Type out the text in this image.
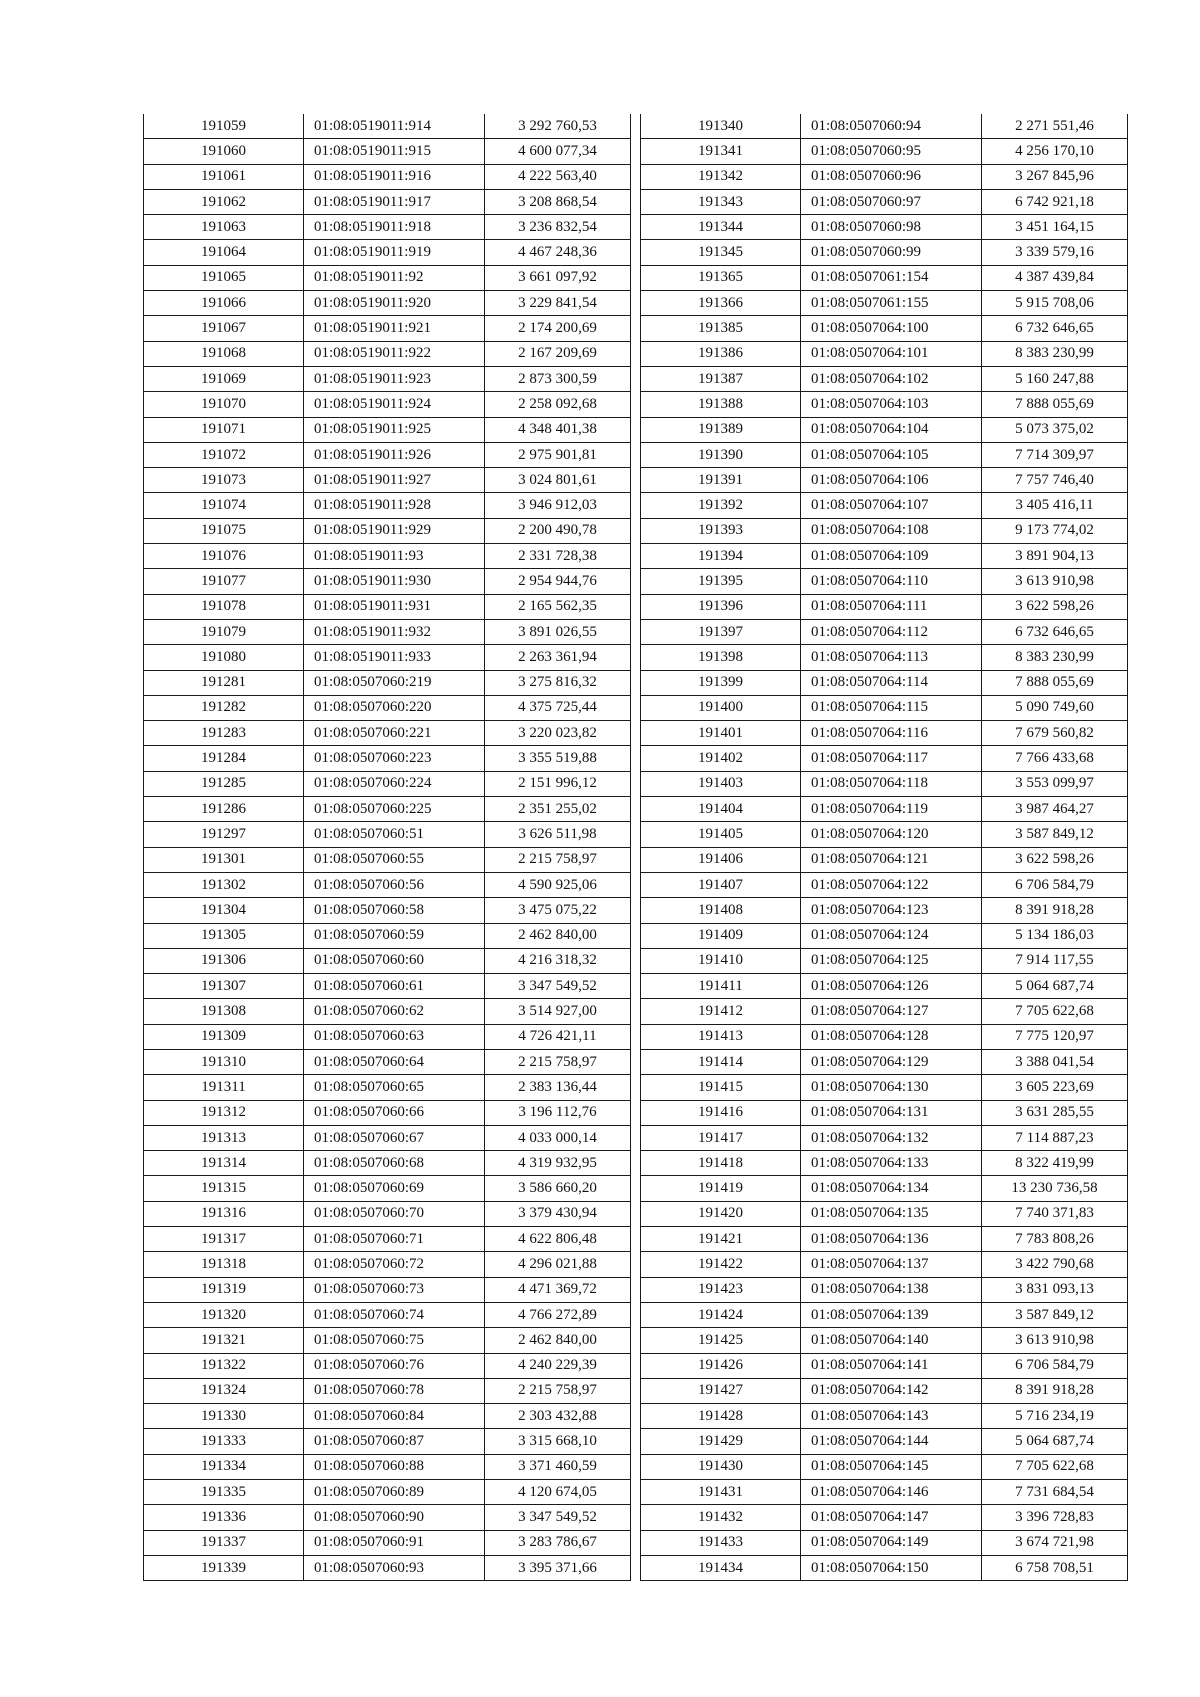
191059	01:08:0519011:914	3 292 760,53
191060	01:08:0519011:915	4 600 077,34
191061	01:08:0519011:916	4 222 563,40
191062	01:08:0519011:917	3 208 868,54
191063	01:08:0519011:918	3 236 832,54
191064	01:08:0519011:919	4 467 248,36
191065	01:08:0519011:92	3 661 097,92
191066	01:08:0519011:920	3 229 841,54
191067	01:08:0519011:921	2 174 200,69
191068	01:08:0519011:922	2 167 209,69
191069	01:08:0519011:923	2 873 300,59
191070	01:08:0519011:924	2 258 092,68
191071	01:08:0519011:925	4 348 401,38
191072	01:08:0519011:926	2 975 901,81
191073	01:08:0519011:927	3 024 801,61
191074	01:08:0519011:928	3 946 912,03
191075	01:08:0519011:929	2 200 490,78
191076	01:08:0519011:93	2 331 728,38
191077	01:08:0519011:930	2 954 944,76
191078	01:08:0519011:931	2 165 562,35
191079	01:08:0519011:932	3 891 026,55
191080	01:08:0519011:933	2 263 361,94
191281	01:08:0507060:219	3 275 816,32
191282	01:08:0507060:220	4 375 725,44
191283	01:08:0507060:221	3 220 023,82
191284	01:08:0507060:223	3 355 519,88
191285	01:08:0507060:224	2 151 996,12
191286	01:08:0507060:225	2 351 255,02
191297	01:08:0507060:51	3 626 511,98
191301	01:08:0507060:55	2 215 758,97
191302	01:08:0507060:56	4 590 925,06
191304	01:08:0507060:58	3 475 075,22
191305	01:08:0507060:59	2 462 840,00
191306	01:08:0507060:60	4 216 318,32
191307	01:08:0507060:61	3 347 549,52
191308	01:08:0507060:62	3 514 927,00
191309	01:08:0507060:63	4 726 421,11
191310	01:08:0507060:64	2 215 758,97
191311	01:08:0507060:65	2 383 136,44
191312	01:08:0507060:66	3 196 112,76
191313	01:08:0507060:67	4 033 000,14
191314	01:08:0507060:68	4 319 932,95
191315	01:08:0507060:69	3 586 660,20
191316	01:08:0507060:70	3 379 430,94
191317	01:08:0507060:71	4 622 806,48
191318	01:08:0507060:72	4 296 021,88
191319	01:08:0507060:73	4 471 369,72
191320	01:08:0507060:74	4 766 272,89
191321	01:08:0507060:75	2 462 840,00
191322	01:08:0507060:76	4 240 229,39
191324	01:08:0507060:78	2 215 758,97
191330	01:08:0507060:84	2 303 432,88
191333	01:08:0507060:87	3 315 668,10
191334	01:08:0507060:88	3 371 460,59
191335	01:08:0507060:89	4 120 674,05
191336	01:08:0507060:90	3 347 549,52
191337	01:08:0507060:91	3 283 786,67
191339	01:08:0507060:93	3 395 371,66
191340	01:08:0507060:94	2 271 551,46
191341	01:08:0507060:95	4 256 170,10
191342	01:08:0507060:96	3 267 845,96
191343	01:08:0507060:97	6 742 921,18
191344	01:08:0507060:98	3 451 164,15
191345	01:08:0507060:99	3 339 579,16
191365	01:08:0507061:154	4 387 439,84
191366	01:08:0507061:155	5 915 708,06
191385	01:08:0507064:100	6 732 646,65
191386	01:08:0507064:101	8 383 230,99
191387	01:08:0507064:102	5 160 247,88
191388	01:08:0507064:103	7 888 055,69
191389	01:08:0507064:104	5 073 375,02
191390	01:08:0507064:105	7 714 309,97
191391	01:08:0507064:106	7 757 746,40
191392	01:08:0507064:107	3 405 416,11
191393	01:08:0507064:108	9 173 774,02
191394	01:08:0507064:109	3 891 904,13
191395	01:08:0507064:110	3 613 910,98
191396	01:08:0507064:111	3 622 598,26
191397	01:08:0507064:112	6 732 646,65
191398	01:08:0507064:113	8 383 230,99
191399	01:08:0507064:114	7 888 055,69
191400	01:08:0507064:115	5 090 749,60
191401	01:08:0507064:116	7 679 560,82
191402	01:08:0507064:117	7 766 433,68
191403	01:08:0507064:118	3 553 099,97
191404	01:08:0507064:119	3 987 464,27
191405	01:08:0507064:120	3 587 849,12
191406	01:08:0507064:121	3 622 598,26
191407	01:08:0507064:122	6 706 584,79
191408	01:08:0507064:123	8 391 918,28
191409	01:08:0507064:124	5 134 186,03
191410	01:08:0507064:125	7 914 117,55
191411	01:08:0507064:126	5 064 687,74
191412	01:08:0507064:127	7 705 622,68
191413	01:08:0507064:128	7 775 120,97
191414	01:08:0507064:129	3 388 041,54
191415	01:08:0507064:130	3 605 223,69
191416	01:08:0507064:131	3 631 285,55
191417	01:08:0507064:132	7 114 887,23
191418	01:08:0507064:133	8 322 419,99
191419	01:08:0507064:134	13 230 736,58
191420	01:08:0507064:135	7 740 371,83
191421	01:08:0507064:136	7 783 808,26
191422	01:08:0507064:137	3 422 790,68
191423	01:08:0507064:138	3 831 093,13
191424	01:08:0507064:139	3 587 849,12
191425	01:08:0507064:140	3 613 910,98
191426	01:08:0507064:141	6 706 584,79
191427	01:08:0507064:142	8 391 918,28
191428	01:08:0507064:143	5 716 234,19
191429	01:08:0507064:144	5 064 687,74
191430	01:08:0507064:145	7 705 622,68
191431	01:08:0507064:146	7 731 684,54
191432	01:08:0507064:147	3 396 728,83
191433	01:08:0507064:149	3 674 721,98
191434	01:08:0507064:150	6 758 708,51
